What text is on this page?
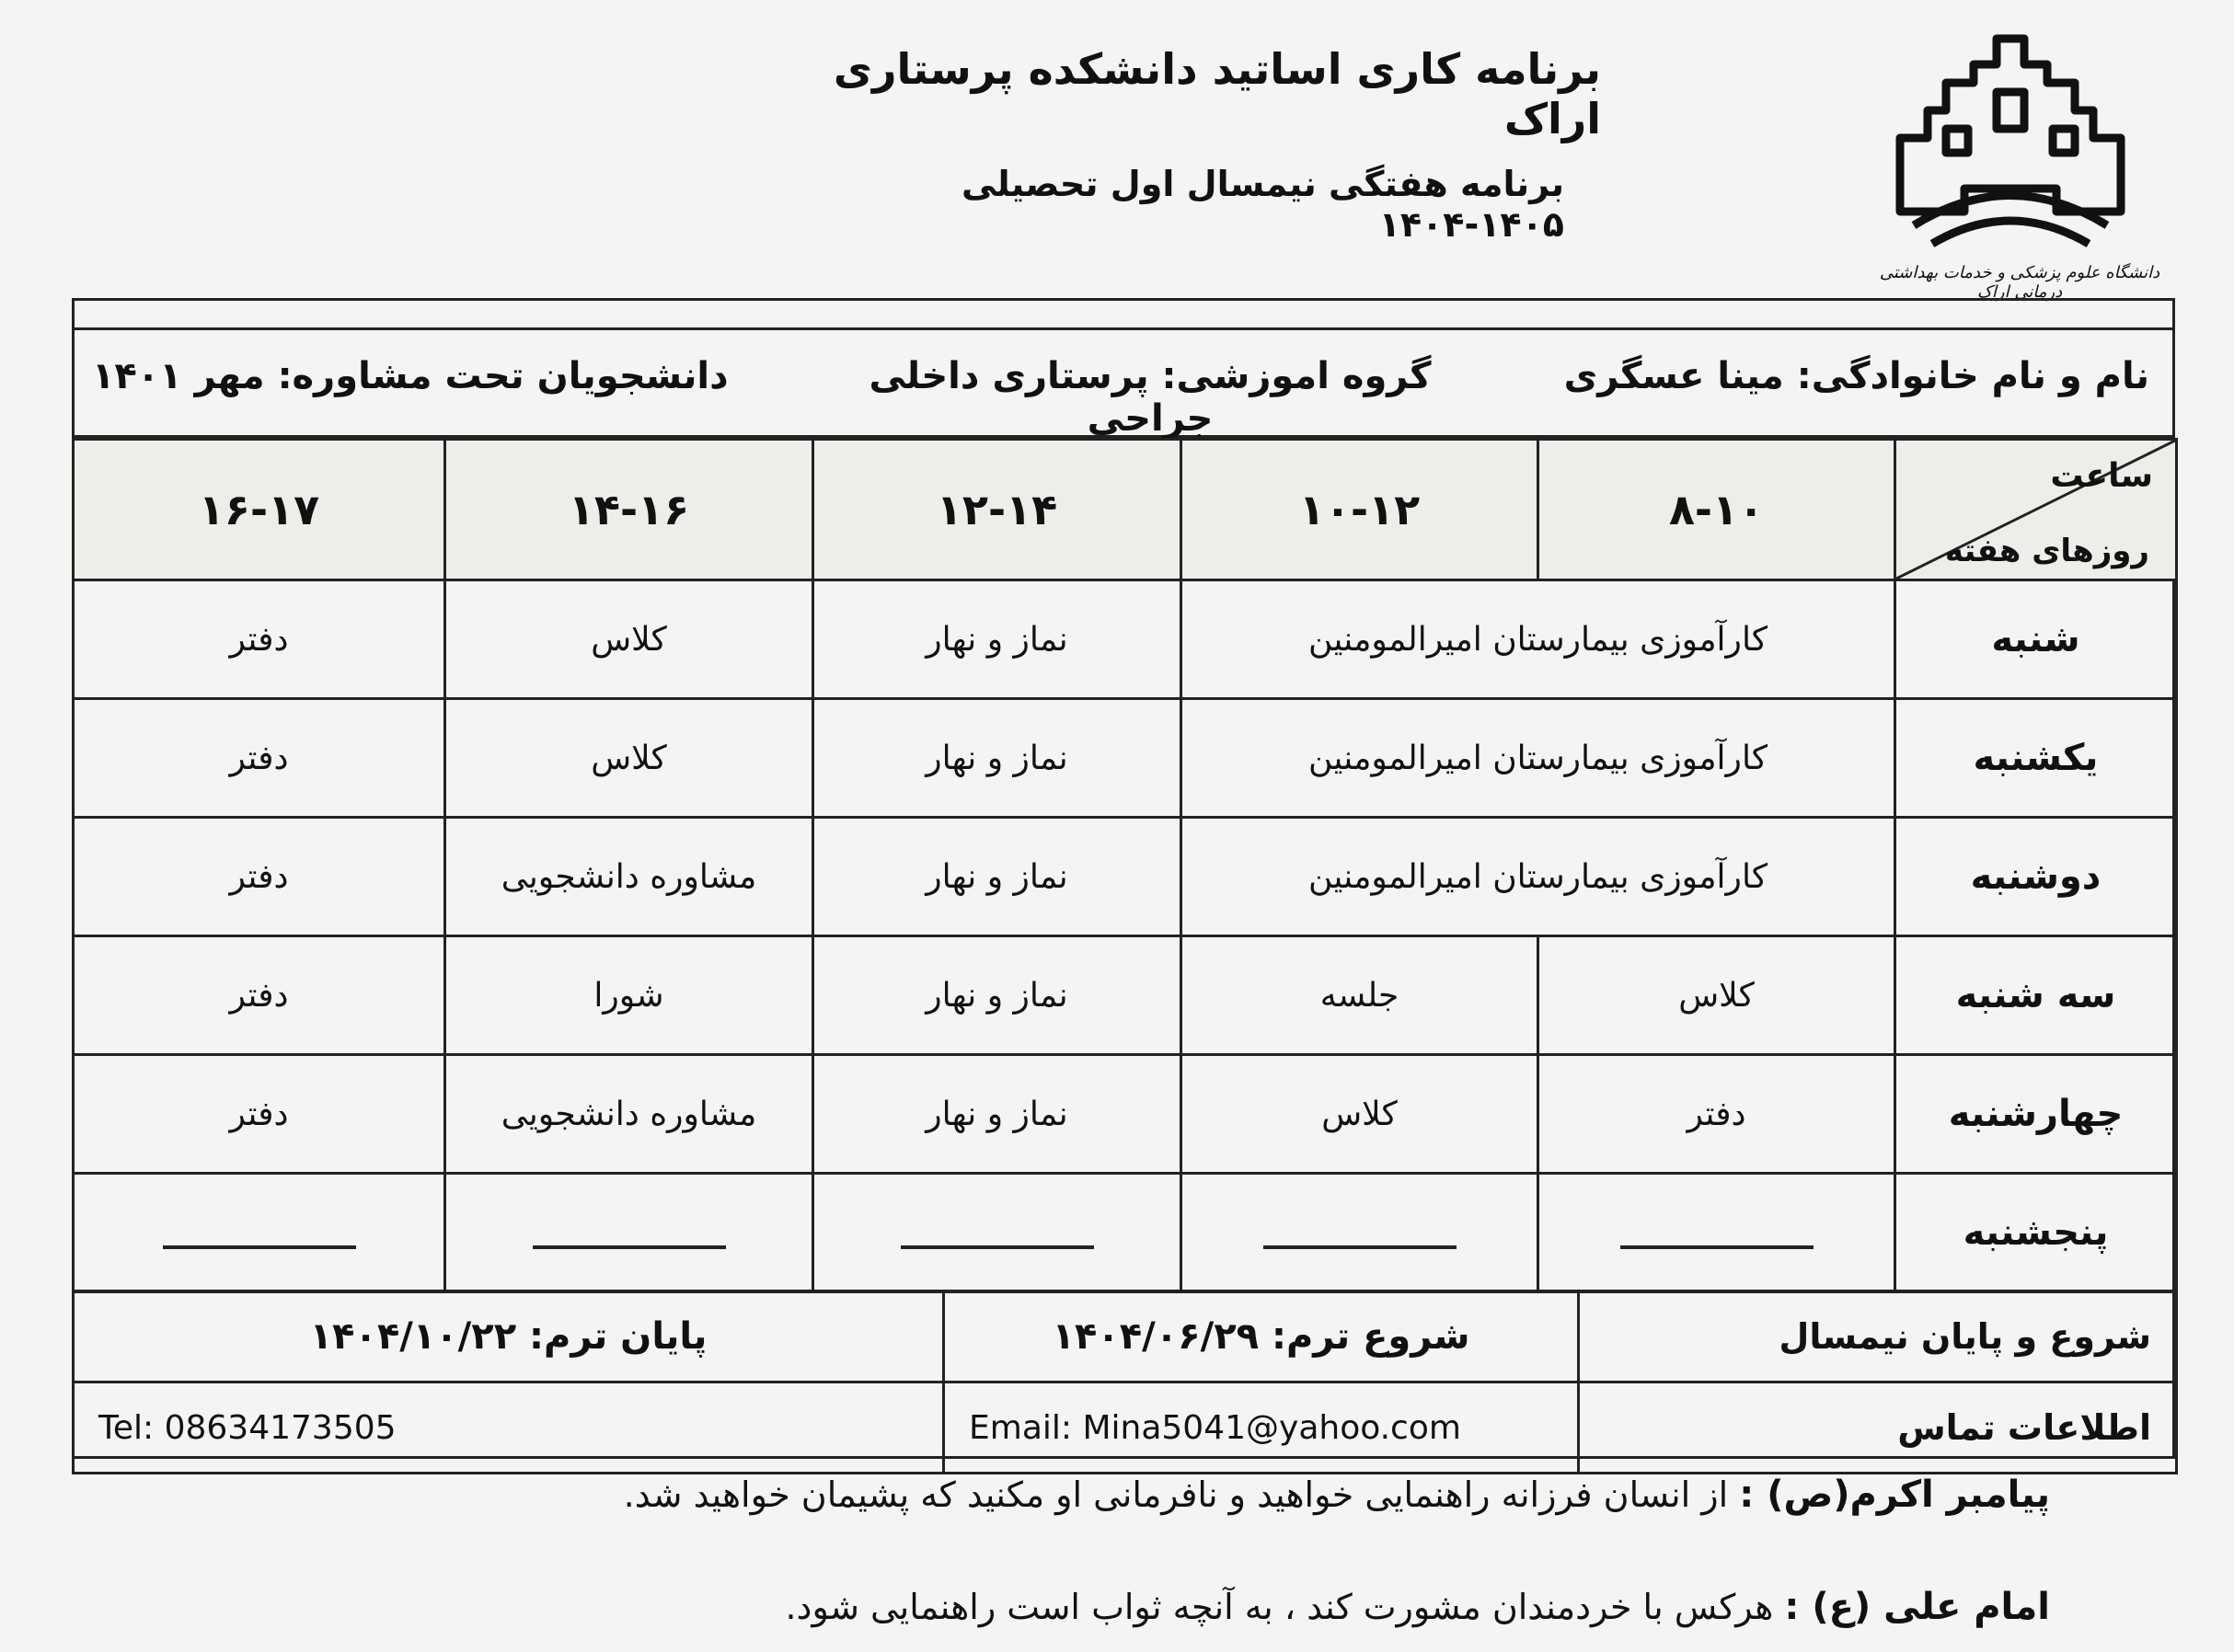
برنامه کاری اساتید دانشکده پرستاری اراک
برنامه هفتگی نیمسال اول تحصیلی ۱۴۰۵-۱۴۰۴
دانشگاه علوم پزشکی و خدمات بهداشتی درمانی اراک
نام و نام خانوادگی: مینا عسگری
گروه اموزشی: پرستاری داخلی جراحی
دانشجویان تحت مشاوره: مهر ۱۴۰۱
ساعت
روزهای هفته	۸-۱۰	۱۰-۱۲	۱۲-۱۴	۱۴-۱۶	۱۶-۱۷
شنبه	کارآموزی بیمارستان امیرالمومنین		نماز و نهار	کلاس	دفتر
یکشنبه	کارآموزی بیمارستان امیرالمومنین		نماز و نهار	کلاس	دفتر
دوشنبه	کارآموزی بیمارستان امیرالمومنین		نماز و نهار	مشاوره دانشجویی	دفتر
سه شنبه	کلاس	جلسه	نماز و نهار	شورا	دفتر
چهارشنبه	دفتر	کلاس	نماز و نهار	مشاوره دانشجویی	دفتر
پنجشنبه					
شروع و پایان نیمسال	شروع ترم: ۱۴۰۴/۰۶/۲۹	پایان ترم: ۱۴۰۴/۱۰/۲۲
اطلاعات تماس	Email: Mina5041@yahoo.com	Tel: 08634173505
پیامبر اکرم(ص) : از انسان فرزانه راهنمایی خواهید و نافرمانی او مکنید که پشیمان خواهید شد.
امام علی (ع) : هرکس با خردمندان مشورت کند ، به آنچه ثواب است راهنمایی شود.
